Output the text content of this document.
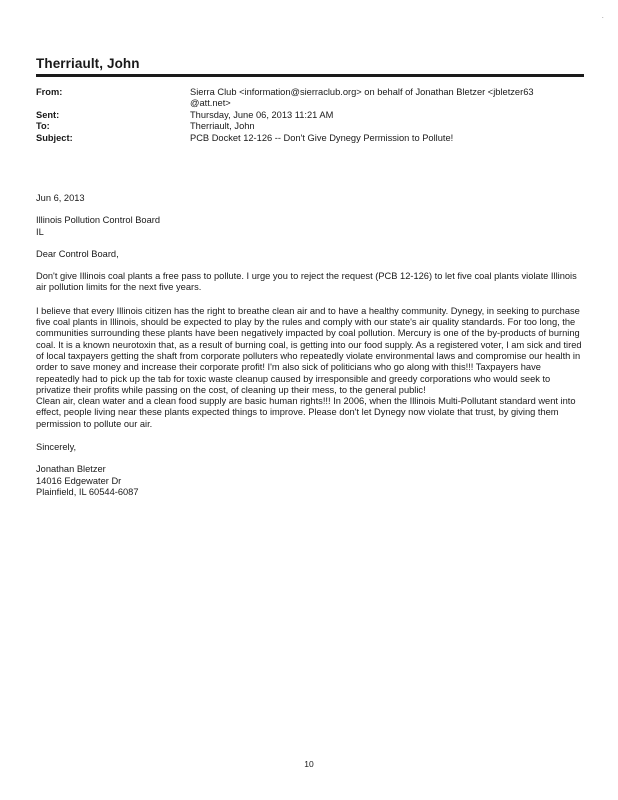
.
Therriault, John
From:	Sierra Club <information@sierraclub.org> on behalf of Jonathan Bletzer <jbletzer63
@att.net>
Sent:	Thursday, June 06, 2013 11:21 AM
To:	Therriault, John
Subject:	PCB Docket 12-126 -- Don't Give Dynegy Permission to Pollute!

Jun 6, 2013

Illinois Pollution Control Board

IL

Dear Control Board,

Don't give Illinois coal plants a free pass to pollute. I urge you to reject the request (PCB 12-126) to let five coal plants violate Illinois air pollution limits for the next five years.

I believe that every Illinois citizen has the right to breathe clean air and to have a healthy community. Dynegy, in seeking to purchase five coal plants in Illinois, should be expected to play by the rules and comply with our state's air quality standards. For too long, the communities surrounding these plants have been negatively impacted by coal pollution. Mercury is one of the by-products of burning coal. It is a known neurotoxin that, as a result of burning coal, is getting into our food supply. As a registered voter, I am sick and tired of local taxpayers getting the shaft from corporate polluters who repeatedly violate environmental laws and compromise our health in order to save money and increase their corporate profit! I'm also sick of politicians who go along with this!!! Taxpayers have repeatedly had to pick up the tab for toxic waste cleanup caused by irresponsible and greedy corporations who would seek to privatize their profits while passing on the cost, of cleaning up their mess, to the general public!

Clean air, clean water and a clean food supply are basic human rights!!! In 2006, when the Illinois Multi-Pollutant standard went into effect, people living near these plants expected things to improve. Please don't let Dynegy now violate that trust, by giving them permission to pollute our air.

Sincerely,

Jonathan Bletzer

14016 Edgewater Dr

Plainfield, IL 60544-6087

10
